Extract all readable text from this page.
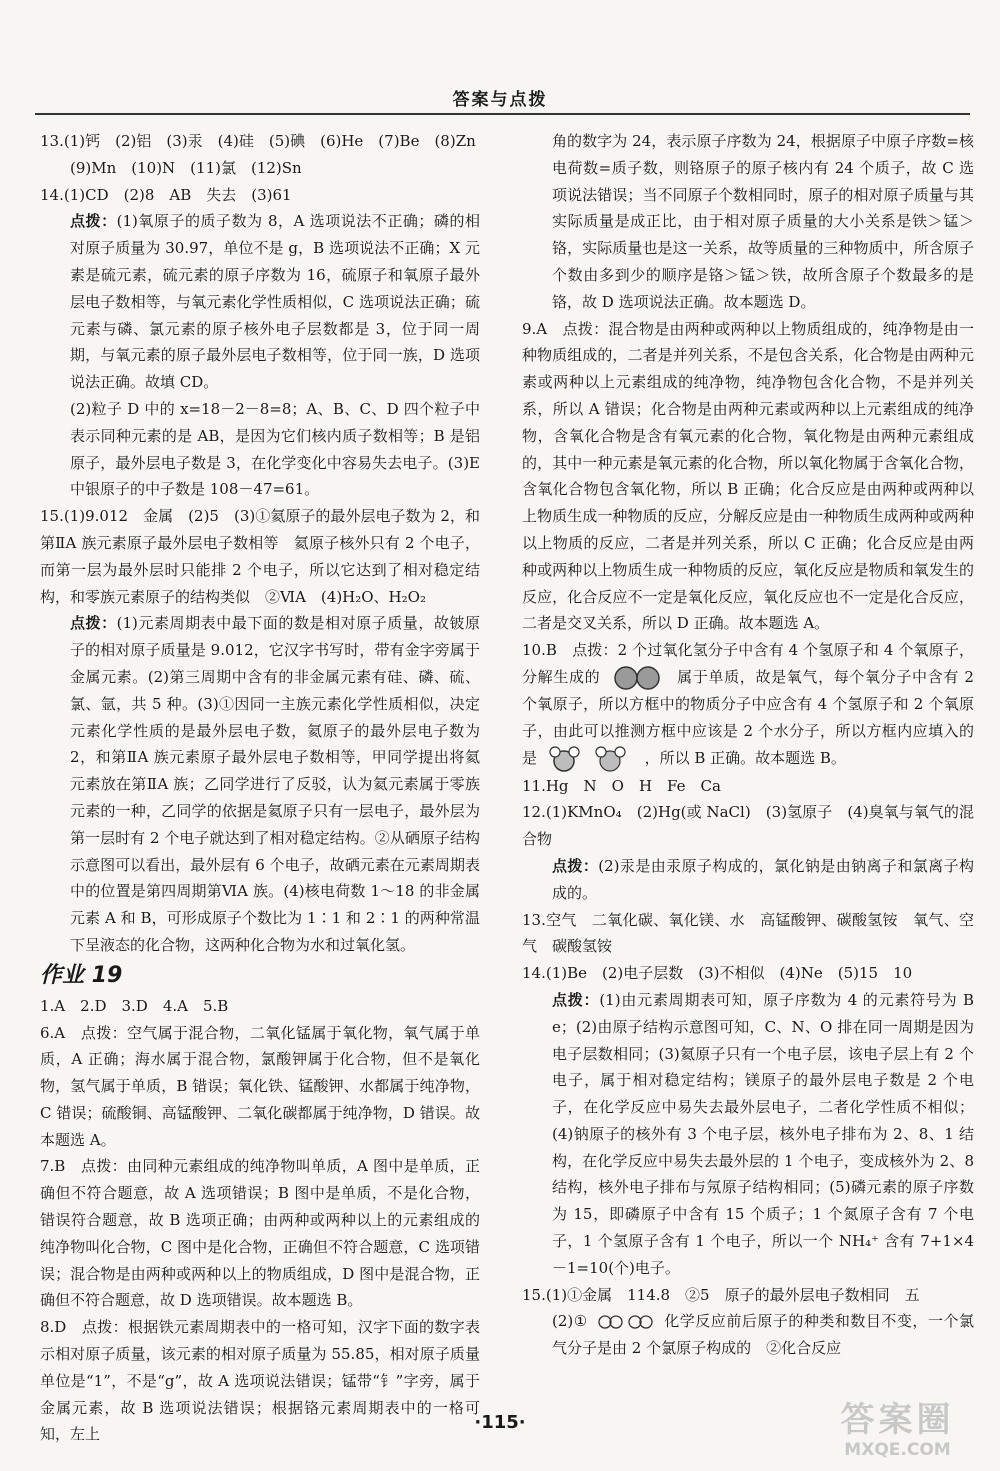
答案与点拨

13.(1)钙　(2)铝　(3)汞　(4)硅　(5)碘　(6)He　(7)Be　(8)Zn

(9)Mn　(10)N　(11)氯　(12)Sn

14.(1)CD　(2)8　AB　失去　(3)61

点拨：(1)氧原子的质子数为 8，A 选项说法不正确；磷的相对原子质量为 30.97，单位不是 g，B 选项说法不正确；X 元素是硫元素，硫元素的原子序数为 16，硫原子和氧原子最外层电子数相等，与氧元素化学性质相似，C 选项说法正确；硫元素与磷、氯元素的原子核外电子层数都是 3，位于同一周期，与氧元素的原子最外层电子数相等，位于同一族，D 选项说法正确。故填 CD。

(2)粒子 D 中的 x=18－2－8=8；A、B、C、D 四个粒子中表示同种元素的是 AB，是因为它们核内质子数相等；B 是铝原子，最外层电子数是 3，在化学变化中容易失去电子。(3)E 中银原子的中子数是 108－47=61。

15.(1)9.012　金属　(2)5　(3)①氦原子的最外层电子数为 2，和第ⅡA 族元素原子最外层电子数相等　氦原子核外只有 2 个电子，而第一层为最外层时只能排 2 个电子，所以它达到了相对稳定结构，和零族元素原子的结构类似　②ⅥA　(4)H₂O、H₂O₂

点拨：(1)元素周期表中最下面的数是相对原子质量，故铍原子的相对原子质量是 9.012，它汉字书写时，带有金字旁属于金属元素。(2)第三周期中含有的非金属元素有硅、磷、硫、氯、氩，共 5 种。(3)①因同一主族元素化学性质相似，决定元素化学性质的是最外层电子数，氦原子的最外层电子数为 2，和第ⅡA 族元素原子最外层电子数相等，甲同学提出将氦元素放在第ⅡA 族；乙同学进行了反驳，认为氦元素属于零族元素的一种，乙同学的依据是氦原子只有一层电子，最外层为第一层时有 2 个电子就达到了相对稳定结构。②从硒原子结构示意图可以看出，最外层有 6 个电子，故硒元素在元素周期表中的位置是第四周期第ⅥA 族。(4)核电荷数 1～18 的非金属元素 A 和 B，可形成原子个数比为 1∶1 和 2∶1 的两种常温下呈液态的化合物，这两种化合物为水和过氧化氢。

作业 19

1.A　2.D　3.D　4.A　5.B

6.A　点拨：空气属于混合物，二氧化锰属于氧化物，氧气属于单质，A 正确；海水属于混合物，氯酸钾属于化合物，但不是氧化物，氢气属于单质，B 错误；氧化铁、锰酸钾、水都属于纯净物，C 错误；硫酸铜、高锰酸钾、二氧化碳都属于纯净物，D 错误。故本题选 A。

7.B　点拨：由同种元素组成的纯净物叫单质，A 图中是单质，正确但不符合题意，故 A 选项错误；B 图中是单质，不是化合物，错误符合题意，故 B 选项正确；由两种或两种以上的元素组成的纯净物叫化合物，C 图中是化合物，正确但不符合题意，C 选项错误；混合物是由两种或两种以上的物质组成，D 图中是混合物，正确但不符合题意，故 D 选项错误。故本题选 B。

8.D　点拨：根据铁元素周期表中的一格可知，汉字下面的数字表示相对原子质量，该元素的相对原子质量为 55.85，相对原子质量单位是“1”，不是“g”，故 A 选项说法错误；锰带“钅”字旁，属于金属元素，故 B 选项说法错误；根据铬元素周期表中的一格可知，左上

角的数字为 24，表示原子序数为 24，根据原子中原子序数=核电荷数=质子数，则铬原子的原子核内有 24 个质子，故 C 选项说法错误；当不同原子个数相同时，原子的相对原子质量与其实际质量是成正比，由于相对原子质量的大小关系是铁＞锰＞铬，实际质量也是这一关系，故等质量的三种物质中，所含原子个数由多到少的顺序是铬＞锰＞铁，故所含原子个数最多的是铬，故 D 选项说法正确。故本题选 D。

9.A　点拨：混合物是由两种或两种以上物质组成的，纯净物是由一种物质组成的，二者是并列关系，不是包含关系，化合物是由两种元素或两种以上元素组成的纯净物，纯净物包含化合物，不是并列关系，所以 A 错误；化合物是由两种元素或两种以上元素组成的纯净物，含氧化合物是含有氧元素的化合物，氧化物是由两种元素组成的，其中一种元素是氧元素的化合物，所以氧化物属于含氧化合物，含氧化合物包含氧化物，所以 B 正确；化合反应是由两种或两种以上物质生成一种物质的反应，分解反应是由一种物质生成两种或两种以上物质的反应，二者是并列关系，所以 C 正确；化合反应是由两种或两种以上物质生成一种物质的反应，氧化反应是物质和氧发生的反应，化合反应不一定是氧化反应，氧化反应也不一定是化合反应，二者是交叉关系，所以 D 正确。故本题选 A。

10.B　点拨：2 个过氧化氢分子中含有 4 个氢原子和 4 个氧原子，分解生成的	属于单质，故是氧气，每个氧分子中含有 2 个氧原子，所以方框中的物质分子中应含有 4 个氢原子和 2 个氧原子，由此可以推测方框中应该是 2 个水分子，所以方框内应填入的是	，所以 B 正确。故本题选 B。

11.Hg　N　O　H　Fe　Ca

12.(1)KMnO₄　(2)Hg(或 NaCl)　(3)氢原子　(4)臭氧与氧气的混合物

点拨：(2)汞是由汞原子构成的，氯化钠是由钠离子和氯离子构成的。

13.空气　二氧化碳、氧化镁、水　高锰酸钾、碳酸氢铵　氧气、空气　碳酸氢铵

14.(1)Be　(2)电子层数　(3)不相似　(4)Ne　(5)15　10

点拨：(1)由元素周期表可知，原子序数为 4 的元素符号为 Be；(2)由原子结构示意图可知，C、N、O 排在同一周期是因为电子层数相同；(3)氦原子只有一个电子层，该电子层上有 2 个电子，属于相对稳定结构；镁原子的最外层电子数是 2 个电子，在化学反应中易失去最外层电子，二者化学性质不相似；(4)钠原子的核外有 3 个电子层，核外电子排布为 2、8、1 结构，在化学反应中易失去最外层的 1 个电子，变成核外为 2、8 结构，核外电子排布与氖原子结构相同；(5)磷元素的原子序数为 15，即磷原子中含有 15 个质子；1 个氮原子含有 7 个电子，1 个氢原子含有 1 个电子，所以一个 NH₄⁺ 含有 7+1×4－1=10(个)电子。

15.(1)①金属　114.8　②5　原子的最外层电子数相同　五

(2)①	化学反应前后原子的种类和数目不变，一个氯气分子是由 2 个氯原子构成的　②化合反应

·115·	答案圈
MXQE.COM
